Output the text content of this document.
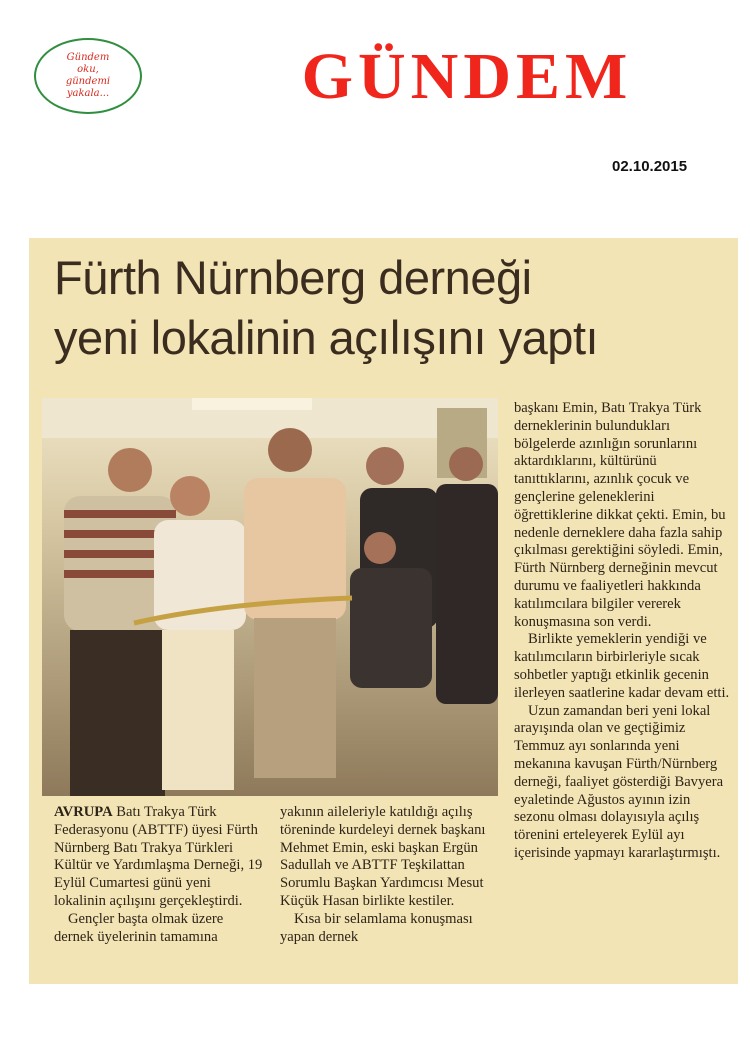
Gündem
oku,
gündemi
yakala...	GÜNDEM
02.10.2015
Fürth Nürnberg derneği
yeni lokalinin açılışını yaptı

AVRUPA Batı Trakya Türk Federasyonu (ABTTF) üyesi Fürth Nürnberg Batı Trakya Türkleri Kültür ve Yardımlaşma Derneği, 19 Eylül Cumartesi günü yeni lokalinin açılışını gerçekleştirdi.

Gençler başta olmak üzere dernek üyelerinin tamamına

yakının aileleriyle katıldığı açılış töreninde kurdeleyi dernek başkanı Mehmet Emin, eski başkan Ergün Sadullah ve ABTTF Teşkilattan Sorumlu Başkan Yardımcısı Mesut Küçük Hasan birlikte kestiler.

Kısa bir selamlama konuşması yapan dernek

başkanı Emin, Batı Trakya Türk derneklerinin bulundukları bölgelerde azınlığın sorunlarını aktardıklarını, kültürünü tanıttıklarını, azınlık çocuk ve gençlerine geleneklerini öğrettiklerine dikkat çekti. Emin, bu nedenle derneklere daha fazla sahip çıkılması gerektiğini söyledi. Emin, Fürth Nürnberg derneğinin mevcut durumu ve faaliyetleri hakkında katılımcılara bilgiler vererek konuşmasına son verdi.

Birlikte yemeklerin yendiği ve katılımcıların birbirleriyle sıcak sohbetler yaptığı etkinlik gecenin ilerleyen saatlerine kadar devam etti.

Uzun zamandan beri yeni lokal arayışında olan ve geçtiğimiz Temmuz ayı sonlarında yeni mekanına kavuşan Fürth/Nürnberg derneği, faaliyet gösterdiği Bavyera eyaletinde Ağustos ayının izin sezonu olması dolayısıyla açılış törenini erteleyerek Eylül ayı içerisinde yapmayı kararlaştırmıştı.
